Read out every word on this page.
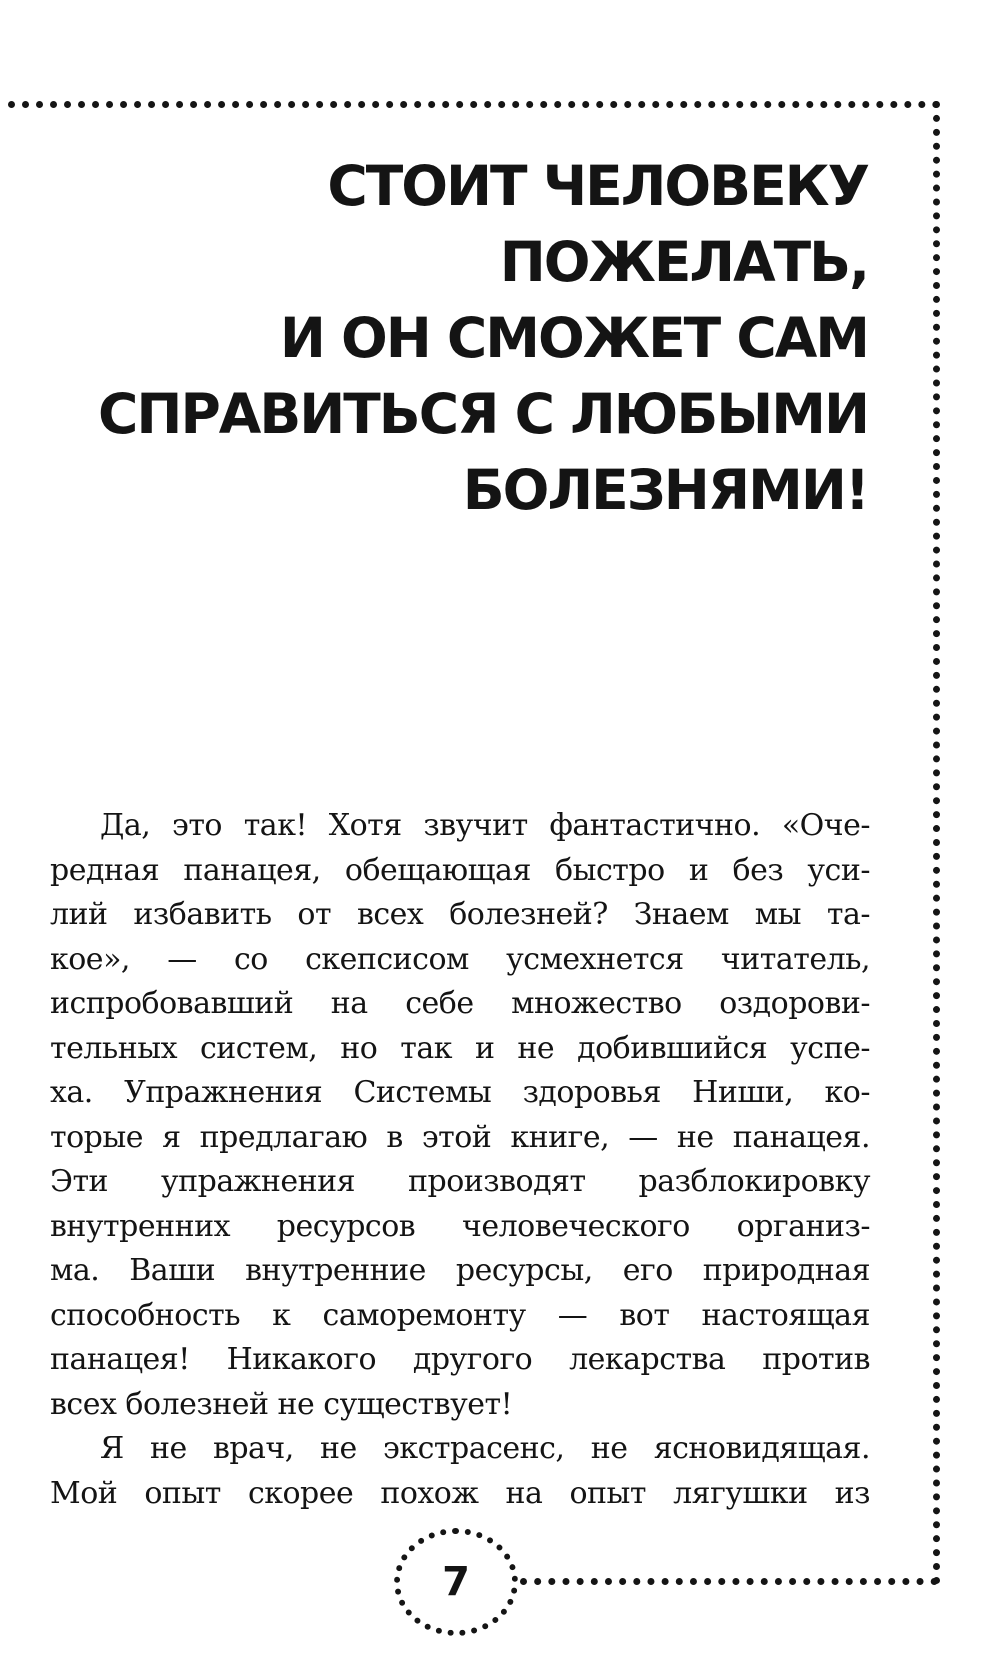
СТОИТ ЧЕЛОВЕКУ
ПОЖЕЛАТЬ,
И ОН СМОЖЕТ САМ
СПРАВИТЬСЯ С ЛЮБЫМИ
БОЛЕЗНЯМИ!
Да, это так! Хотя звучит фантастично. «Оче-
редная панацея, обещающая быстро и без уси-
лий избавить от всех болезней? Знаем мы та-
кое», — со скепсисом усмехнется читатель,
испробовавший на себе множество оздорови-
тельных систем, но так и не добившийся успе-
ха. Упражнения Системы здоровья Ниши, ко-
торые я предлагаю в этой книге, — не панацея.
Эти упражнения производят разблокировку
внутренних ресурсов человеческого организ-
ма. Ваши внутренние ресурсы, его природная
способность к саморемонту — вот настоящая
панацея! Никакого другого лекарства против
всех болезней не существует!
Я не врач, не экстрасенс, не ясновидящая.
Мой опыт скорее похож на опыт лягушки из
7
